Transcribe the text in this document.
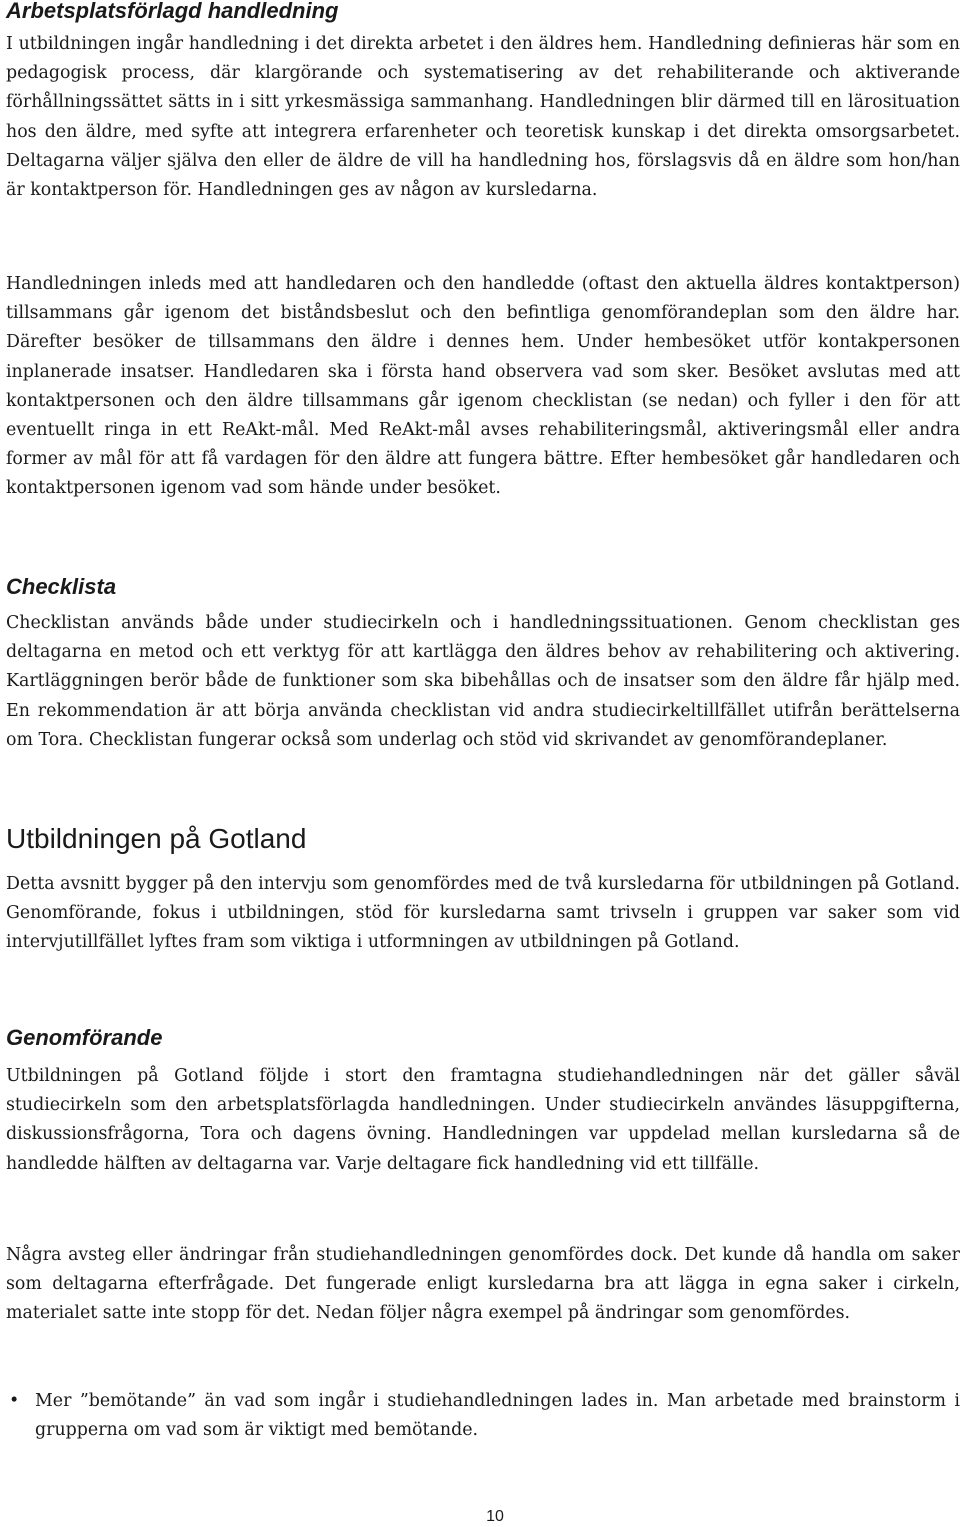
Arbetsplatsförlagd handledning

I utbildningen ingår handledning i det direkta arbetet i den äldres hem. Handledning definieras här som en pedagogisk process, där klargörande och systematisering av det rehabiliterande och aktiverande förhållningssättet sätts in i sitt yrkesmässiga sammanhang. Handledningen blir därmed till en lärosituation hos den äldre, med syfte att integrera erfarenheter och teoretisk kunskap i det direkta omsorgsarbetet. Deltagarna väljer själva den eller de äldre de vill ha handledning hos, förslagsvis då en äldre som hon/han är kontaktperson för. Handledningen ges av någon av kursledarna.

Handledningen inleds med att handledaren och den handledde (oftast den aktuella äldres kontaktperson) tillsammans går igenom det biståndsbeslut och den befintliga genomförandeplan som den äldre har. Därefter besöker de tillsammans den äldre i dennes hem. Under hembesöket utför kontakpersonen inplanerade insatser. Handledaren ska i första hand observera vad som sker. Besöket avslutas med att kontaktpersonen och den äldre tillsammans går igenom checklistan (se nedan) och fyller i den för att eventuellt ringa in ett ReAkt-mål. Med ReAkt-mål avses rehabiliteringsmål, aktiveringsmål eller andra former av mål för att få vardagen för den äldre att fungera bättre. Efter hembesöket går handledaren och kontaktpersonen igenom vad som hände under besöket.

Checklista

Checklistan används både under studiecirkeln och i handledningssituationen. Genom checklistan ges deltagarna en metod och ett verktyg för att kartlägga den äldres behov av rehabilitering och aktivering. Kartläggningen berör både de funktioner som ska bibehållas och de insatser som den äldre får hjälp med. En rekommendation är att börja använda checklistan vid andra studiecirkeltillfället utifrån berättelserna om Tora. Checklistan fungerar också som underlag och stöd vid skrivandet av genomförandeplaner.

Utbildningen på Gotland

Detta avsnitt bygger på den intervju som genomfördes med de två kursledarna för utbildningen på Gotland. Genomförande, fokus i utbildningen, stöd för kursledarna samt trivseln i gruppen var saker som vid intervjutillfället lyftes fram som viktiga i utformningen av utbildningen på Gotland.

Genomförande

Utbildningen på Gotland följde i stort den framtagna studiehandledningen när det gäller såväl studiecirkeln som den arbetsplatsförlagda handledningen. Under studiecirkeln användes läsuppgifterna, diskussionsfrågorna, Tora och dagens övning. Handledningen var uppdelad mellan kursledarna så de handledde hälften av deltagarna var. Varje deltagare fick handledning vid ett tillfälle.

Några avsteg eller ändringar från studiehandledningen genomfördes dock. Det kunde då handla om saker som deltagarna efterfrågade. Det fungerade enligt kursledarna bra att lägga in egna saker i cirkeln, materialet satte inte stopp för det. Nedan följer några exempel på ändringar som genomfördes.

• Mer ”bemötande” än vad som ingår i studiehandledningen lades in. Man arbetade med brainstorm i grupperna om vad som är viktigt med bemötande.
10
